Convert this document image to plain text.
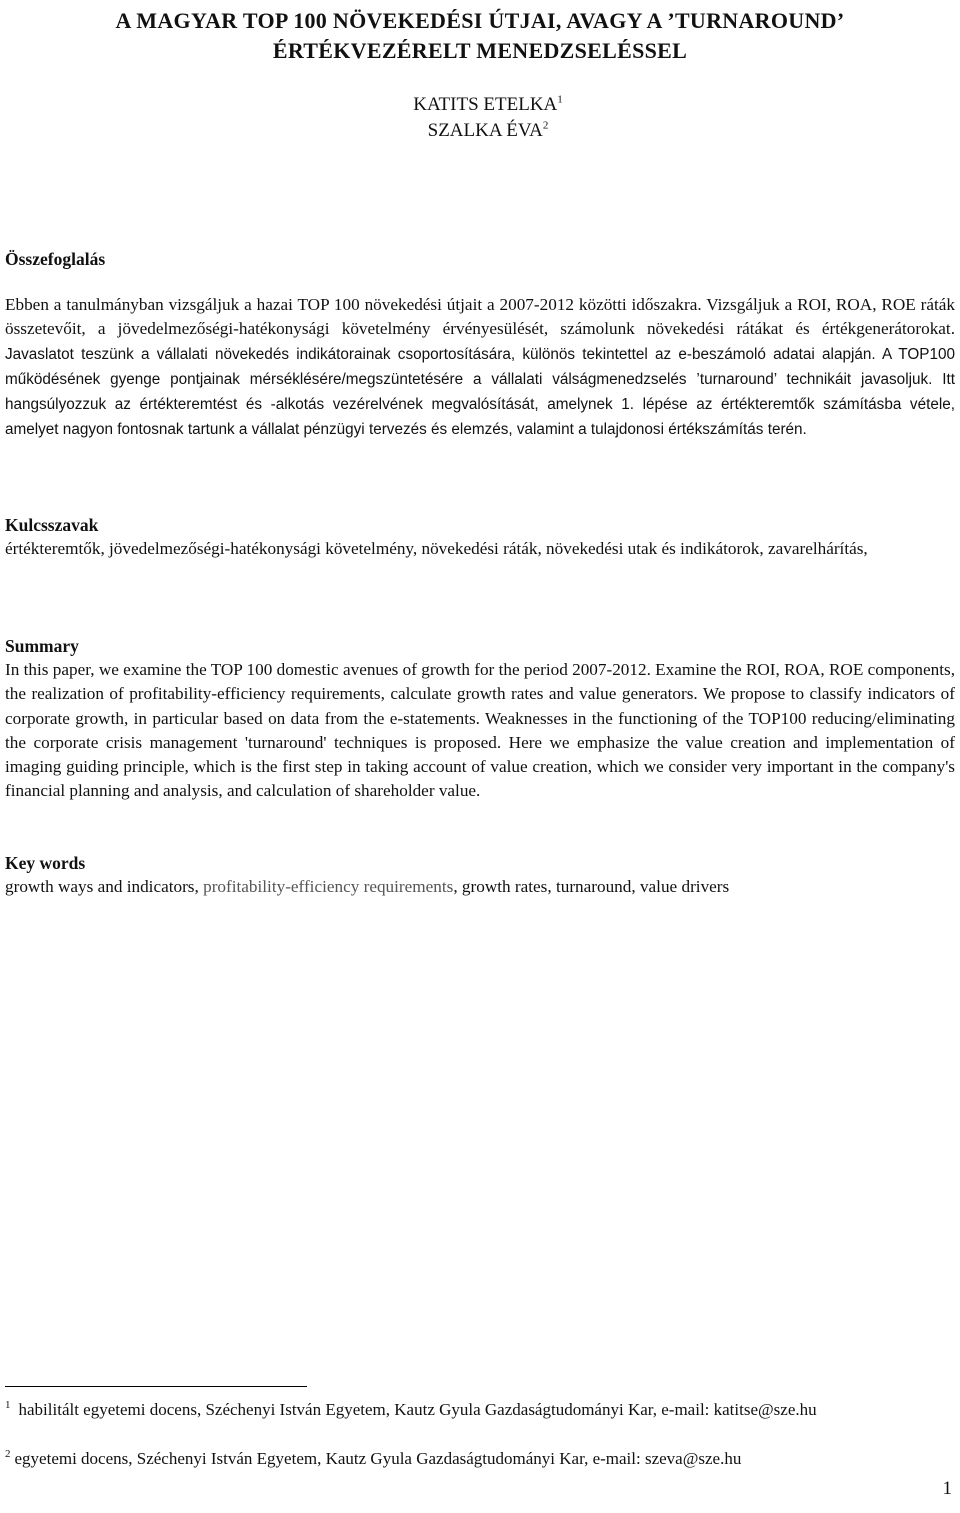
A MAGYAR TOP 100 NÖVEKEDÉSI ÚTJAI, AVAGY A ’TURNAROUND’
ÉRTÉKVEZÉRELT MENEDZSELÉSSEL
KATITS ETELKA$^1$
SZALKA ÉVA$^2$
Összefoglalás
Ebben a tanulmányban vizsgáljuk a hazai TOP 100 növekedési útjait a 2007-2012 közötti időszakra. Vizsgáljuk a ROI, ROA, ROE ráták összetevőit, a jövedelmezőségi-hatékonysági követelmény érvényesülését, számolunk növekedési rátákat és értékgenerátorokat. Javaslatot teszünk a vállalati növekedés indikátorainak csoportosítására, különös tekintettel az e-beszámoló adatai alapján. A TOP100 működésének gyenge pontjainak mérséklésére/megszüntetésére a vállalati válságmenedzselés ’turnaround’ technikáit javasoljuk. Itt hangsúlyozzuk az értékteremtést és -alkotás vezérelvének megvalósítását, amelynek 1. lépése az értékteremtők számításba vétele, amelyet nagyon fontosnak tartunk a vállalat pénzügyi tervezés és elemzés, valamint a tulajdonosi értékszámítás terén.
Kulcsszavak
értékteremtők, jövedelmezőségi-hatékonysági követelmény, növekedési ráták, növekedési utak és indikátorok, zavarelhárítás,
Summary
In this paper, we examine the TOP 100 domestic avenues of growth for the period 2007-2012. Examine the ROI, ROA, ROE components, the realization of profitability-efficiency requirements, calculate growth rates and value generators. We propose to classify indicators of corporate growth, in particular based on data from the e-statements. Weaknesses in the functioning of the TOP100 reducing/eliminating the corporate crisis management 'turnaround' techniques is proposed. Here we emphasize the value creation and implementation of imaging guiding principle, which is the first step in taking account of value creation, which we consider very important in the company's financial planning and analysis, and calculation of shareholder value.
Key words
growth ways and indicators, profitability-efficiency requirements, growth rates, turnaround, value drivers
$^1$ habilitált egyetemi docens, Széchenyi István Egyetem, Kautz Gyula Gazdaságtudományi Kar, e-mail: katitse@sze.hu
$^2$ egyetemi docens, Széchenyi István Egyetem, Kautz Gyula Gazdaságtudományi Kar, e-mail: szeva@sze.hu
1
